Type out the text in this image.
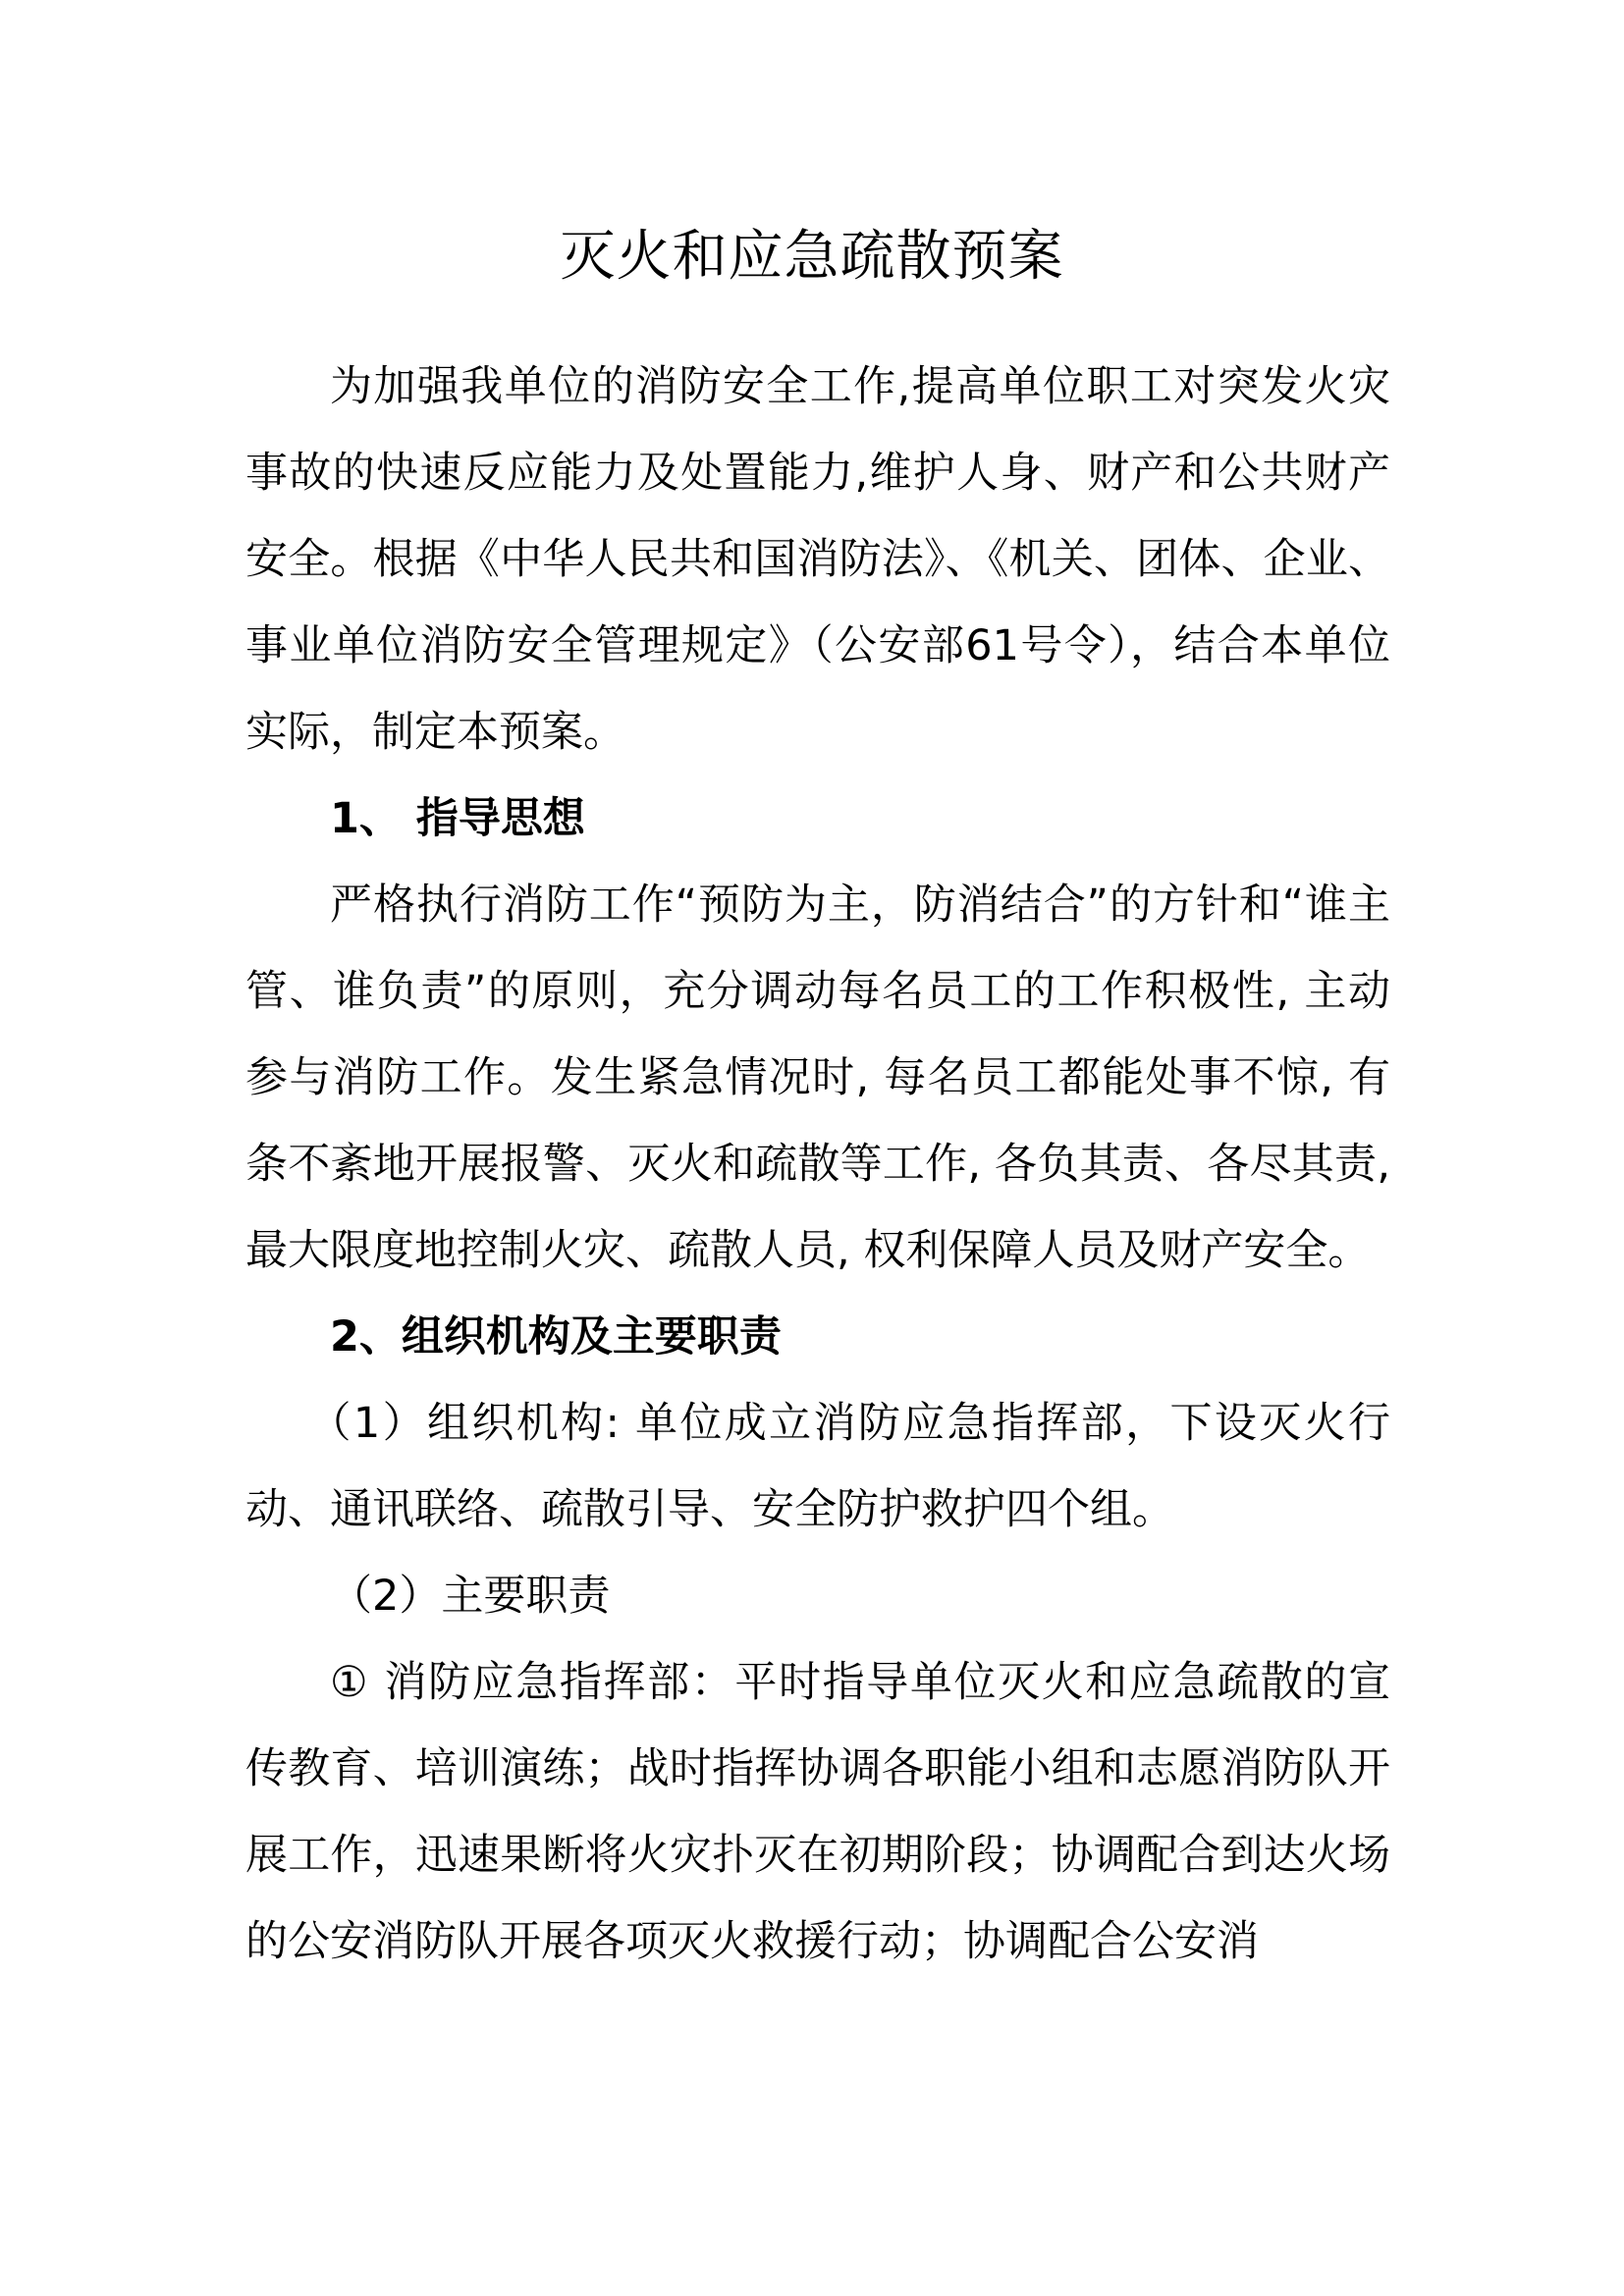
灭火和应急疏散预案

为加强我单位的消防安全工作,提高单位职工对突发火灾事故的快速反应能力及处置能力,维护人身、财产和公共财产安全。根据《中华人民共和国消防法》、《机关、团体、企业、事业单位消防安全管理规定》（公安部61号令），结合本单位实际，制定本预案。

1、 指导思想

严格执行消防工作“预防为主，防消结合”的方针和“谁主管、谁负责”的原则，充分调动每名员工的工作积极性, 主动参与消防工作。发生紧急情况时, 每名员工都能处事不惊, 有条不紊地开展报警、灭火和疏散等工作, 各负其责、各尽其责, 最大限度地控制火灾、疏散人员, 权利保障人员及财产安全。

2、组织机构及主要职责

（1）组织机构: 单位成立消防应急指挥部，下设灭火行动、通讯联络、疏散引导、安全防护救护四个组。

（2）主要职责

① 消防应急指挥部：平时指导单位灭火和应急疏散的宣传教育、培训演练；战时指挥协调各职能小组和志愿消防队开展工作，迅速果断将火灾扑灭在初期阶段；协调配合到达火场的公安消防队开展各项灭火救援行动；协调配合公安消
